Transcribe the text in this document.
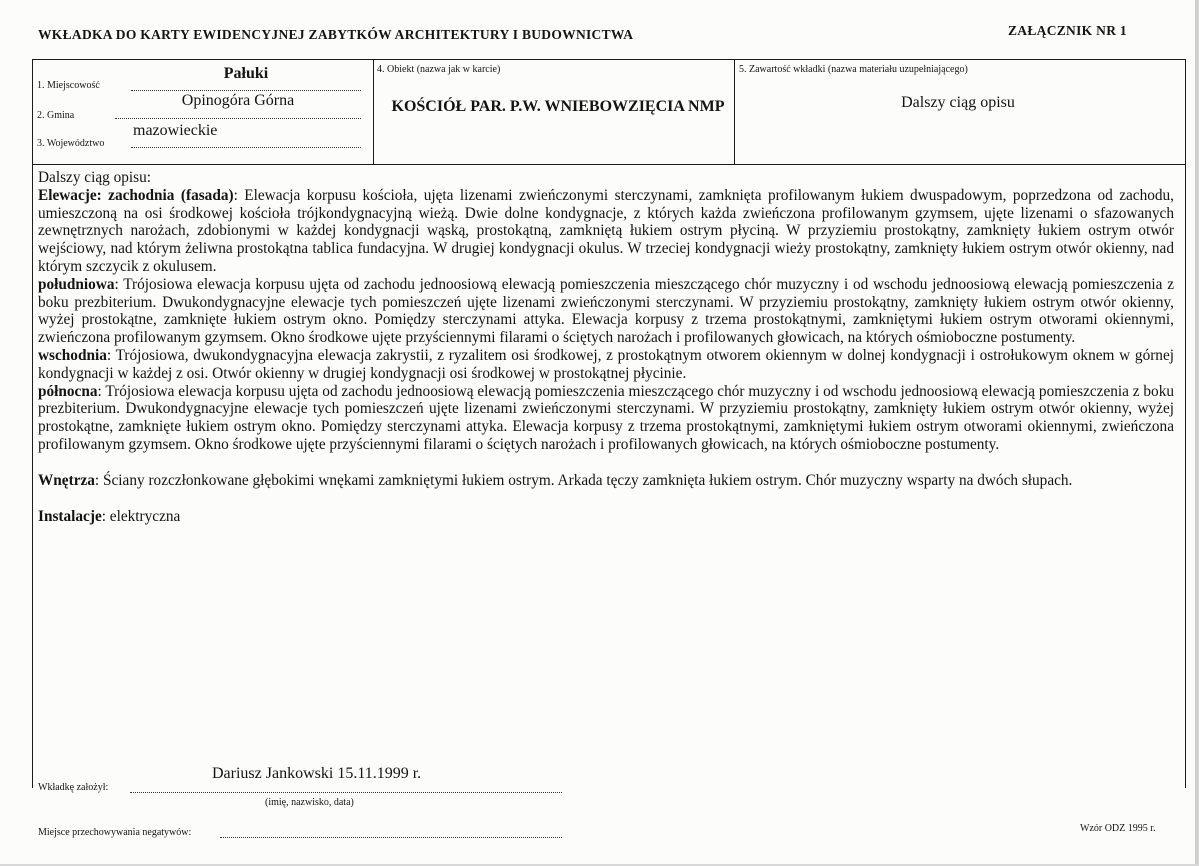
WKŁADKA DO KARTY EWIDENCYJNEJ ZABYTKÓW ARCHITEKTURY I BUDOWNICTWA	ZAŁĄCZNIK NR 1
1. Miejscowość
Pałuki
2. Gmina
Opinogóra Górna
3. Województwo
mazowieckie
4. Obiekt (nazwa jak w karcie)
KOŚCIÓŁ PAR. P.W. WNIEBOWZIĘCIA NMP
5. Zawartość wkładki (nazwa materiału uzupełniającego)
Dalszy ciąg opisu

Dalszy ciąg opisu:

Elewacje: zachodnia (fasada): Elewacja korpusu kościoła, ujęta lizenami zwieńczonymi sterczynami, zamknięta profilowanym łukiem dwuspadowym, poprzedzona od zachodu, umieszczoną na osi środkowej kościoła trójkondygnacyjną wieżą. Dwie dolne kondygnacje, z których każda zwieńczona profilowanym gzymsem, ujęte lizenami o sfazowanych zewnętrznych narożach, zdobionymi w każdej kondygnacji wąską, prostokątną, zamkniętą łukiem ostrym płyciną. W przyziemiu prostokątny, zamknięty łukiem ostrym otwór wejściowy, nad którym żeliwna prostokątna tablica fundacyjna. W drugiej kondygnacji okulus. W trzeciej kondygnacji wieży prostokątny, zamknięty łukiem ostrym otwór okienny, nad którym szczycik z okulusem.

południowa: Trójosiowa elewacja korpusu ujęta od zachodu jednoosiową elewacją pomieszczenia mieszczącego chór muzyczny i od wschodu jednoosiową elewacją pomieszczenia z boku prezbiterium. Dwukondygnacyjne elewacje tych pomieszczeń ujęte lizenami zwieńczonymi sterczynami. W przyziemiu prostokątny, zamknięty łukiem ostrym otwór okienny, wyżej prostokątne, zamknięte łukiem ostrym okno. Pomiędzy sterczynami attyka. Elewacja korpusy z trzema prostokątnymi, zamkniętymi łukiem ostrym otworami okiennymi, zwieńczona profilowanym gzymsem. Okno środkowe ujęte przyściennymi filarami o ściętych narożach i profilowanych głowicach, na których ośmioboczne postumenty.

wschodnia: Trójosiowa, dwukondygnacyjna elewacja zakrystii, z ryzalitem osi środkowej, z prostokątnym otworem okiennym w dolnej kondygnacji i ostrołukowym oknem w górnej kondygnacji w każdej z osi. Otwór okienny w drugiej kondygnacji osi środkowej w prostokątnej płycinie.

północna: Trójosiowa elewacja korpusu ujęta od zachodu jednoosiową elewacją pomieszczenia mieszczącego chór muzyczny i od wschodu jednoosiową elewacją pomieszczenia z boku prezbiterium. Dwukondygnacyjne elewacje tych pomieszczeń ujęte lizenami zwieńczonymi sterczynami. W przyziemiu prostokątny, zamknięty łukiem ostrym otwór okienny, wyżej prostokątne, zamknięte łukiem ostrym okno. Pomiędzy sterczynami attyka. Elewacja korpusy z trzema prostokątnymi, zamkniętymi łukiem ostrym otworami okiennymi, zwieńczona profilowanym gzymsem. Okno środkowe ujęte przyściennymi filarami o ściętych narożach i profilowanych głowicach, na których ośmioboczne postumenty.

Wnętrza: Ściany rozczłonkowane głębokimi wnękami zamkniętymi łukiem ostrym. Arkada tęczy zamknięta łukiem ostrym. Chór muzyczny wsparty na dwóch słupach.

Instalacje: elektryczna

Wkładkę założył:
Dariusz Jankowski 15.11.1999 r.
(imię, nazwisko, data)
Miejsce przechowywania negatywów:	Wzór ODZ 1995 r.
